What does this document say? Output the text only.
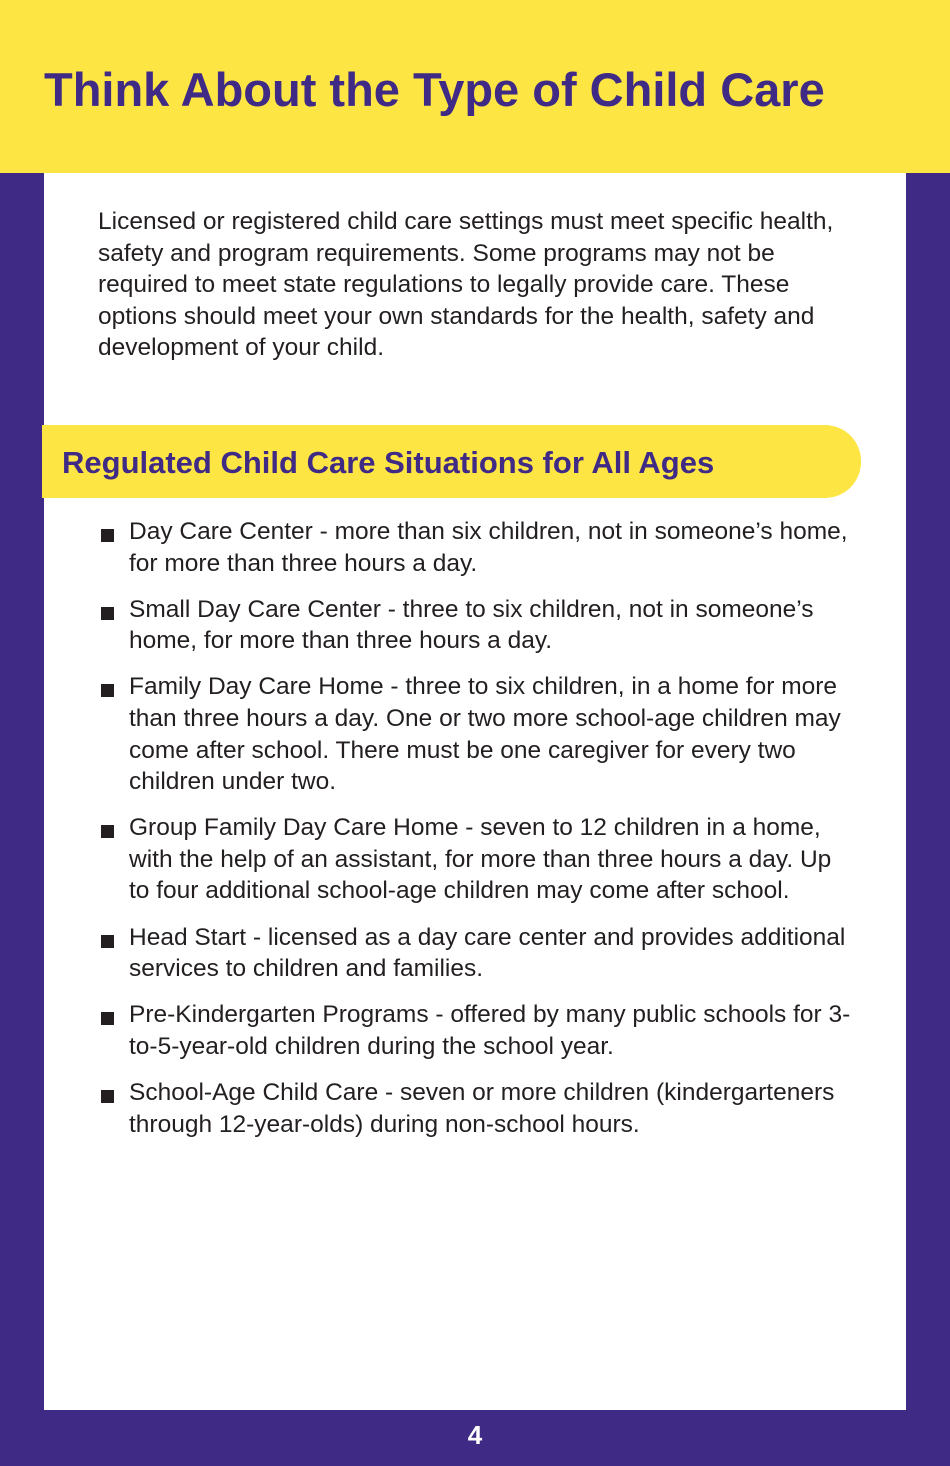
Think About the Type of Child Care

Licensed or registered child care settings must meet specific health, safety and program requirements. Some programs may not be required to meet state regulations to legally provide care. These options should meet your own standards for the health, safety and development of your child.

Regulated Child Care Situations for All Ages
Day Care Center - more than six children, not in someone’s home, for more than three hours a day.
Small Day Care Center - three to six children, not in someone’s home, for more than three hours a day.
Family Day Care Home - three to six children, in a home for more than three hours a day. One or two more school-age children may come after school. There must be one caregiver for every two children under two.
Group Family Day Care Home - seven to 12 children in a home, with the help of an assistant, for more than three hours a day. Up to four additional school-age children may come after school.
Head Start - licensed as a day care center and provides additional services to children and families.
Pre-Kindergarten Programs - offered by many public schools for 3- to-5-year-old children during the school year.
School-Age Child Care - seven or more children (kindergarteners through 12-year-olds) during non-school hours.
4
